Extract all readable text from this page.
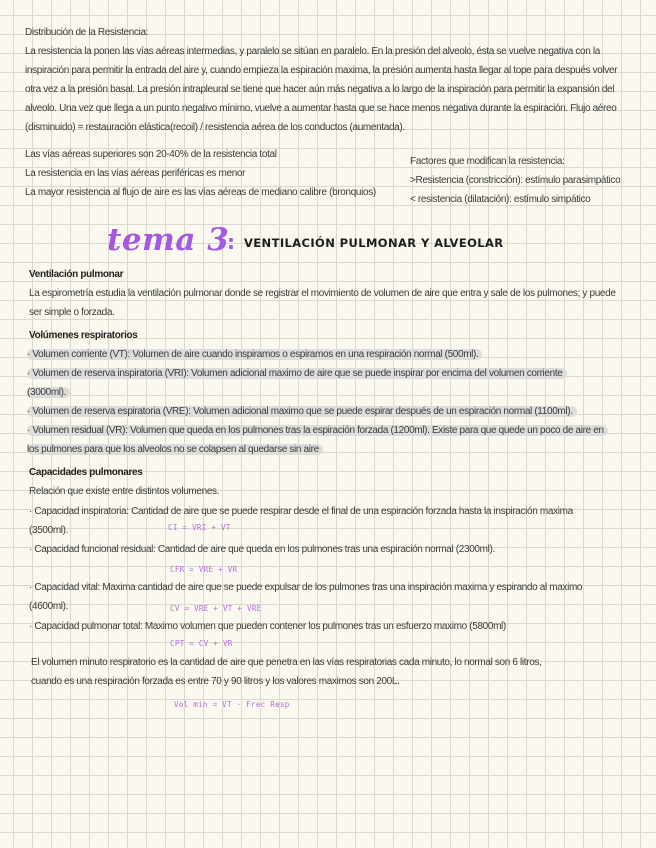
Distribución de la Resistencia:
La resistencia la ponen las vías aéreas intermedias, y paralelo se sitúan en paralelo. En la presión del alveolo, ésta se vuelve negativa con la inspiración para permitir la entrada del aire y, cuando empieza la espiración maxima, la presión aumenta hasta llegar al tope para después volver otra vez a la presión basal. La presión intrapleural se tiene que hacer aún más negativa a lo largo de la inspiración para permitir la expansión del alveolo. Una vez que llega a un punto negativo mínimo, vuelve a aumentar hasta que se hace menos negativa durante la espiración. Flujo aéreo (disminuido) = restauración elástica(recoil) / resistencia aérea de los conductos (aumentada).
Las vías aéreas superiores son 20-40% de la resistencia total
La resistencia en las vías aéreas periféricas es menor
La mayor resistencia al flujo de aire es las vías aéreas de mediano calibre (bronquios)
Factores que modifican la resistencia:
>Resistencia (constricción): estímulo parasimpático
< resistencia (dilatación): estímulo simpático
tema 3
: VENTILACIÓN PULMONAR Y ALVEOLAR
Ventilación pulmonar
La espirometría estudia la ventilación pulmonar donde se registrar el movimiento de volumen de aire que entra y sale de los pulmones; y puede ser simple o forzada.
Volúmenes respiratorios
· Volumen corriente (VT): Volumen de aire cuando inspiramos o espiramos en una respiración normal (500ml).
· Volumen de reserva inspiratoria (VRI): Volumen adicional maximo de aire que se puede inspirar por encima del volumen corriente
(3000ml).
· Volumen de reserva espiratoria (VRE): Volumen adicional maximo que se puede espirar después de un espiración normal (1100ml).
· Volumen residual (VR): Volumen que queda en los pulmones tras la espiración forzada (1200ml). Existe para que quede un poco de aire en
los pulmones para que los alveolos no se colapsen al quedarse sin aire
Capacidades pulmonares
Relación que existe entre distintos volumenes.
· Capacidad inspiratoria: Cantidad de aire que se puede respirar desde el final de una espiración forzada hasta la inspiración maxima
(3500ml).	CI = VRI + VT
· Capacidad funcional residual: Cantidad de aire que queda en los pulmones tras una espiración normal (2300ml).
CFR = VRE + VR
· Capacidad vital: Maxima cantidad de aire que se puede expulsar de los pulmones tras una inspiración maxima y espirando al maximo
(4600ml).	CV = VRE + VT + VRE
· Capacidad pulmonar total: Maximo volumen que pueden contener los pulmones tras un esfuerzo maximo (5800ml)
CPT = CV + VR
El volumen minuto respiratorio es la cantidad de aire que penetra en las vías respiratorias cada minuto, lo normal son 6 litros,
cuando es una respiración forzada es entre 70 y 90 litros y los valores maximos son 200L.
Vol min = VT · Frec Resp
